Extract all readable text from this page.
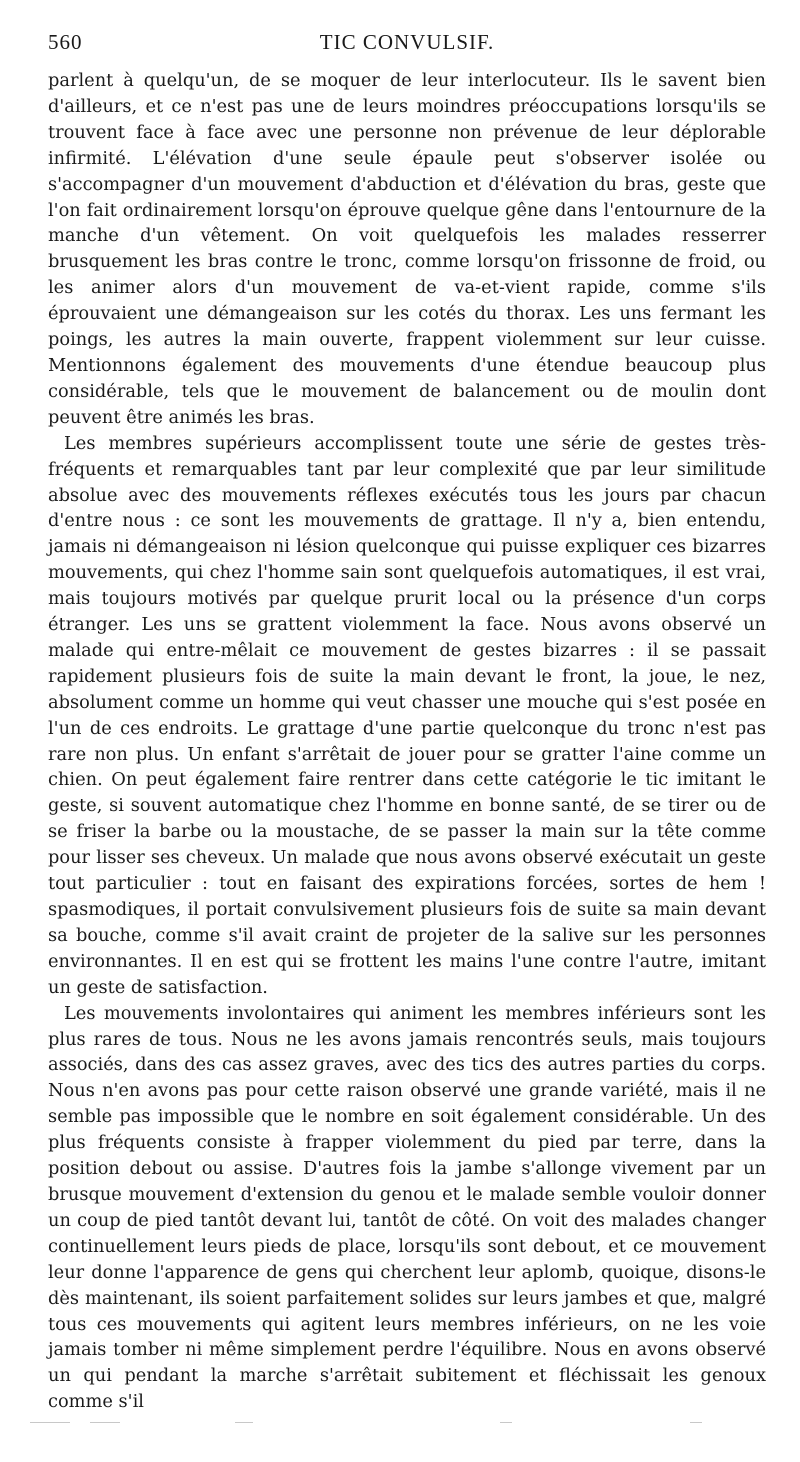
560	TIC CONVULSIF.

parlent à quelqu'un, de se moquer de leur interlocuteur. Ils le savent bien d'ailleurs, et ce n'est pas une de leurs moindres préoccupations lorsqu'ils se trouvent face à face avec une personne non prévenue de leur déplorable infirmité. L'élévation d'une seule épaule peut s'observer isolée ou s'accompagner d'un mouvement d'abduction et d'élévation du bras, geste que l'on fait ordinairement lorsqu'on éprouve quelque gêne dans l'entournure de la manche d'un vêtement. On voit quelquefois les malades resserrer brusquement les bras contre le tronc, comme lorsqu'on frissonne de froid, ou les animer alors d'un mouvement de va-et-vient rapide, comme s'ils éprouvaient une démangeaison sur les cotés du thorax. Les uns fermant les poings, les autres la main ouverte, frappent violemment sur leur cuisse. Mentionnons également des mouvements d'une étendue beaucoup plus considérable, tels que le mouvement de balancement ou de moulin dont peuvent être animés les bras.

Les membres supérieurs accomplissent toute une série de gestes très-fréquents et remarquables tant par leur complexité que par leur similitude absolue avec des mouvements réflexes exécutés tous les jours par chacun d'entre nous : ce sont les mouvements de grattage. Il n'y a, bien entendu, jamais ni démangeaison ni lésion quelconque qui puisse expliquer ces bizarres mouvements, qui chez l'homme sain sont quelquefois automatiques, il est vrai, mais toujours motivés par quelque prurit local ou la présence d'un corps étranger. Les uns se grattent violemment la face. Nous avons observé un malade qui entre-mêlait ce mouvement de gestes bizarres : il se passait rapidement plusieurs fois de suite la main devant le front, la joue, le nez, absolument comme un homme qui veut chasser une mouche qui s'est posée en l'un de ces endroits. Le grattage d'une partie quelconque du tronc n'est pas rare non plus. Un enfant s'arrêtait de jouer pour se gratter l'aine comme un chien. On peut également faire rentrer dans cette catégorie le tic imitant le geste, si souvent automatique chez l'homme en bonne santé, de se tirer ou de se friser la barbe ou la moustache, de se passer la main sur la tête comme pour lisser ses cheveux. Un malade que nous avons observé exécutait un geste tout particulier : tout en faisant des expirations forcées, sortes de hem ! spasmodiques, il portait convulsivement plusieurs fois de suite sa main devant sa bouche, comme s'il avait craint de projeter de la salive sur les personnes environnantes. Il en est qui se frottent les mains l'une contre l'autre, imitant un geste de satisfaction.

Les mouvements involontaires qui animent les membres inférieurs sont les plus rares de tous. Nous ne les avons jamais rencontrés seuls, mais toujours associés, dans des cas assez graves, avec des tics des autres parties du corps. Nous n'en avons pas pour cette raison observé une grande variété, mais il ne semble pas impossible que le nombre en soit également considérable. Un des plus fréquents consiste à frapper violemment du pied par terre, dans la position debout ou assise. D'autres fois la jambe s'allonge vivement par un brusque mouvement d'extension du genou et le malade semble vouloir donner un coup de pied tantôt devant lui, tantôt de côté. On voit des malades changer continuellement leurs pieds de place, lorsqu'ils sont debout, et ce mouvement leur donne l'apparence de gens qui cherchent leur aplomb, quoique, disons-le dès maintenant, ils soient parfaitement solides sur leurs jambes et que, malgré tous ces mouvements qui agitent leurs membres inférieurs, on ne les voie jamais tomber ni même simplement perdre l'équilibre. Nous en avons observé un qui pendant la marche s'arrêtait subitement et fléchissait les genoux comme s'il
